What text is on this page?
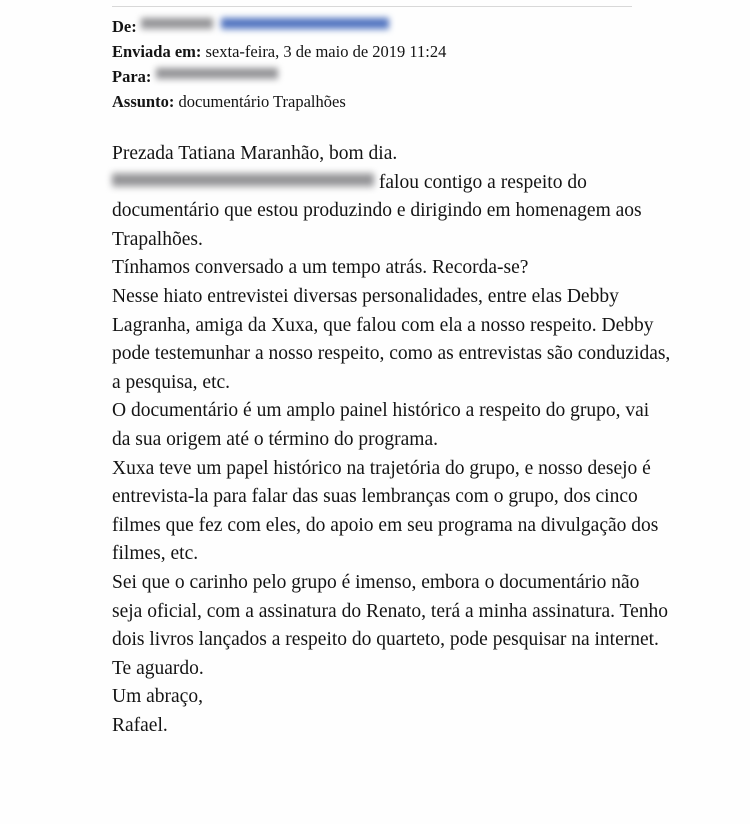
De:
Enviada em: sexta-feira, 3 de maio de 2019 11:24
Para:
Assunto: documentário Trapalhões

Prezada Tatiana Maranhão, bom dia.

falou contigo a respeito do documentário que estou produzindo e dirigindo em homenagem aos Trapalhões.

Tínhamos conversado a um tempo atrás. Recorda-se?

Nesse hiato entrevistei diversas personalidades, entre elas Debby Lagranha, amiga da Xuxa, que falou com ela a nosso respeito. Debby pode testemunhar a nosso respeito, como as entrevistas são conduzidas, a pesquisa, etc.

O documentário é um amplo painel histórico a respeito do grupo, vai da sua origem até o término do programa.

Xuxa teve um papel histórico na trajetória do grupo, e nosso desejo é entrevista-la para falar das suas lembranças com o grupo, dos cinco filmes que fez com eles, do apoio em seu programa na divulgação dos filmes, etc.

Sei que o carinho pelo grupo é imenso, embora o documentário não seja oficial, com a assinatura do Renato, terá a minha assinatura. Tenho dois livros lançados a respeito do quarteto, pode pesquisar na internet.

Te aguardo.

Um abraço,

Rafael.
